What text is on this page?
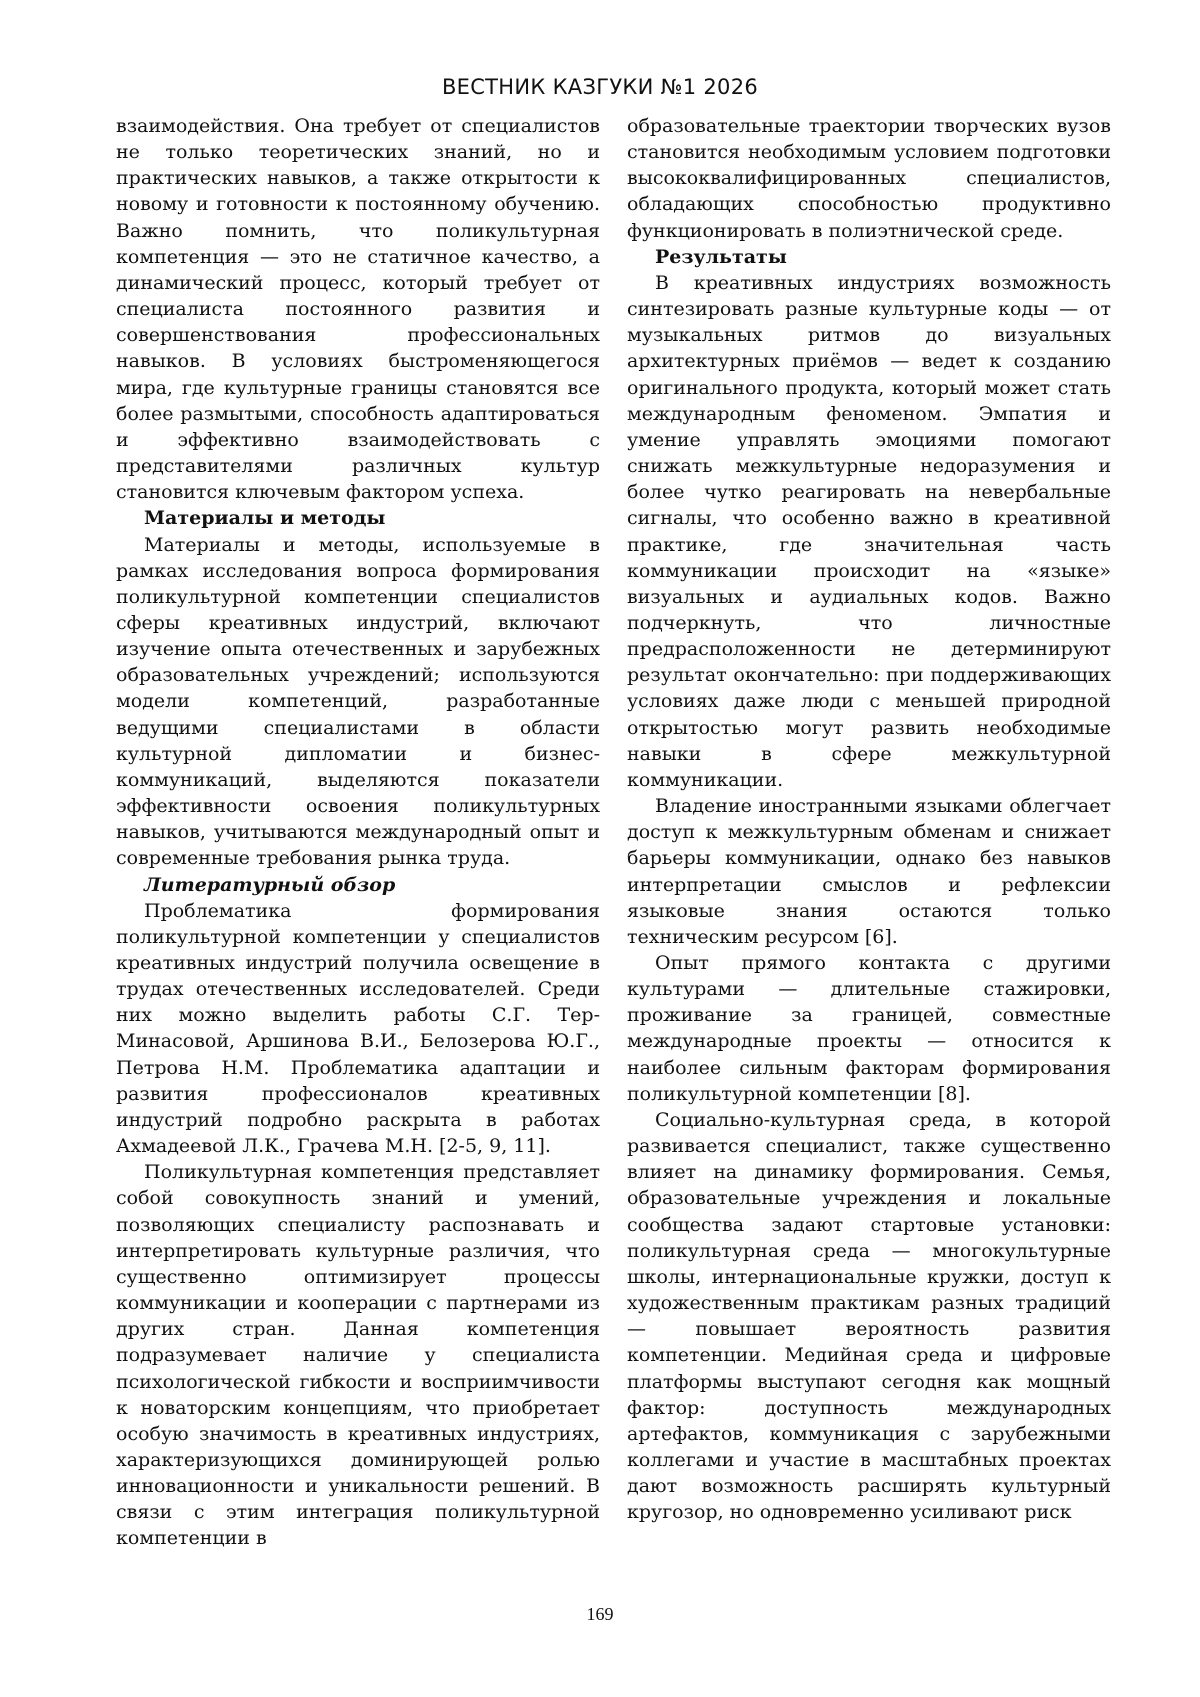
ВЕСТНИК КАЗГУКИ №1 2026

взаимодействия. Она требует от специалистов не только теоретических знаний, но и практических навыков, а также открытости к новому и готовности к постоянному обучению. Важно помнить, что поликультурная компетенция — это не статичное качество, а динамический процесс, который требует от специалиста постоянного развития и совершенствования профессиональных навыков. В условиях быстроменяющегося мира, где культурные границы становятся все более размытыми, способность адаптироваться и эффективно взаимодействовать с представителями различных культур становится ключевым фактором успеха.

Материалы и методы

Материалы и методы, используемые в рамках исследования вопроса формирования поликультурной компетенции специалистов сферы креативных индустрий, включают изучение опыта отечественных и зарубежных образовательных учреждений; используются модели компетенций, разработанные ведущими специалистами в области культурной дипломатии и бизнес-коммуникаций, выделяются показатели эффективности освоения поликультурных навыков, учитываются международный опыт и современные требования рынка труда.

Литературный обзор

Проблематика формирования поликультурной компетенции у специалистов креативных индустрий получила освещение в трудах отечественных исследователей. Среди них можно выделить работы С.Г. Тер-Минасовой, Аршинова В.И., Белозерова Ю.Г., Петрова Н.М. Проблематика адаптации и развития профессионалов креативных индустрий подробно раскрыта в работах Ахмадеевой Л.К., Грачева М.Н. [2-5, 9, 11].

Поликультурная компетенция представляет собой совокупность знаний и умений, позволяющих специалисту распознавать и интерпретировать культурные различия, что существенно оптимизирует процессы коммуникации и кооперации с партнерами из других стран. Данная компетенция подразумевает наличие у специалиста психологической гибкости и восприимчивости к новаторским концепциям, что приобретает особую значимость в креативных индустриях, характеризующихся доминирующей ролью инновационности и уникальности решений. В связи с этим интеграция поликультурной компетенции в

образовательные траектории творческих вузов становится необходимым условием подготовки высококвалифицированных специалистов, обладающих способностью продуктивно функционировать в полиэтнической среде.

Результаты

В креативных индустриях возможность синтезировать разные культурные коды — от музыкальных ритмов до визуальных архитектурных приёмов — ведет к созданию оригинального продукта, который может стать международным феноменом. Эмпатия и умение управлять эмоциями помогают снижать межкультурные недоразумения и более чутко реагировать на невербальные сигналы, что особенно важно в креативной практике, где значительная часть коммуникации происходит на «языке» визуальных и аудиальных кодов. Важно подчеркнуть, что личностные предрасположенности не детерминируют результат окончательно: при поддерживающих условиях даже люди с меньшей природной открытостью могут развить необходимые навыки в сфере межкультурной коммуникации.

Владение иностранными языками облегчает доступ к межкультурным обменам и снижает барьеры коммуникации, однако без навыков интерпретации смыслов и рефлексии языковые знания остаются только техническим ресурсом [6].

Опыт прямого контакта с другими культурами — длительные стажировки, проживание за границей, совместные международные проекты — относится к наиболее сильным факторам формирования поликультурной компетенции [8].

Социально-культурная среда, в которой развивается специалист, также существенно влияет на динамику формирования. Семья, образовательные учреждения и локальные сообщества задают стартовые установки: поликультурная среда — многокультурные школы, интернациональные кружки, доступ к художественным практикам разных традиций — повышает вероятность развития компетенции. Медийная среда и цифровые платформы выступают сегодня как мощный фактор: доступность международных артефактов, коммуникация с зарубежными коллегами и участие в масштабных проектах дают возможность расширять культурный кругозор, но одновременно усиливают риск

169
